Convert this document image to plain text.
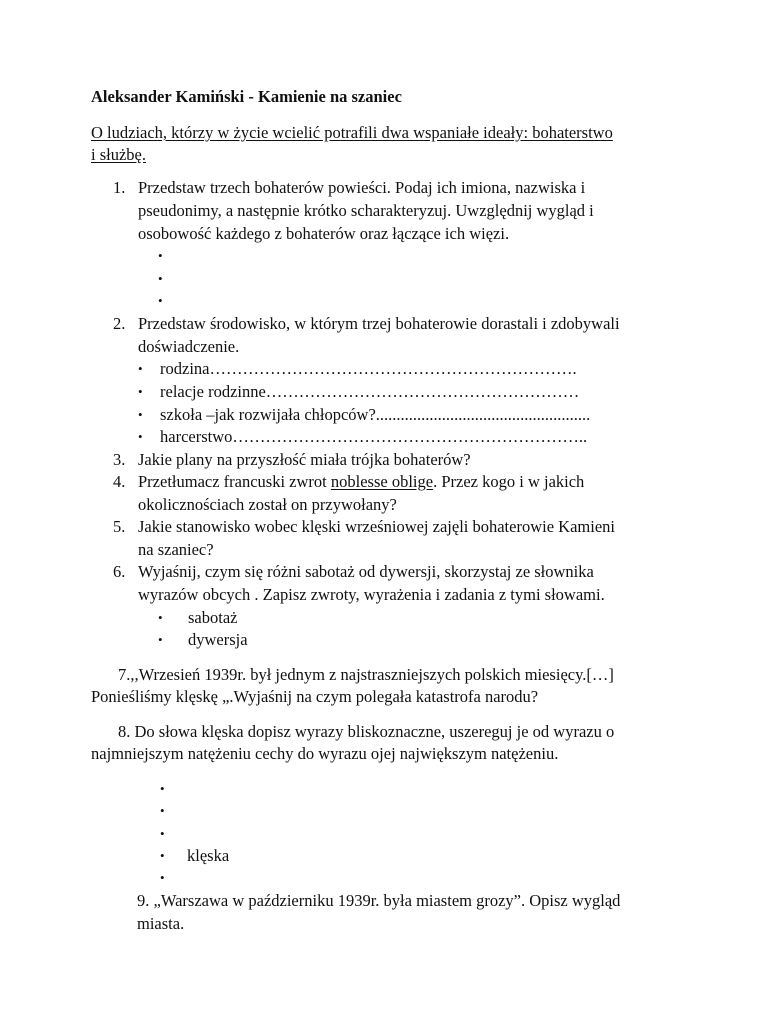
Aleksander Kamiński - Kamienie na szaniec
O ludziach, którzy w życie wcielić potrafili dwa wspaniałe ideały: bohaterstwo
i służbę.
1. Przedstaw trzech bohaterów powieści. Podaj ich imiona, nazwiska i
pseudonimy, a następnie krótko scharakteryzuj. Uwzględnij wygląd i
osobowość każdego z bohaterów oraz łączące ich więzi.
•
•
•
2. Przedstaw środowisko, w którym trzej bohaterowie dorastali i zdobywali
doświadczenie.
• rodzina………………………………………………………….
• relacje rodzinne…………………………………………………
• szkoła –jak rozwijała chłopców?....................................................
• harcerstwo………………………………………………………..
3. Jakie plany na przyszłość miała trójka bohaterów?
4. Przetłumacz francuski zwrot noblesse oblige. Przez kogo i w jakich
okolicznościach został on przywołany?
5. Jakie stanowisko wobec klęski wrześniowej zajęli bohaterowie Kamieni
na szaniec?
6. Wyjaśnij, czym się różni sabotaż od dywersji, skorzystaj ze słownika
wyrazów obcych . Zapisz zwroty, wyrażenia i zadania z tymi słowami.
• sabotaż
• dywersja
7.,,Wrzesień 1939r. był jednym z najstraszniejszych polskich miesięcy.[…]
Ponieśliśmy klęskę „.Wyjaśnij na czym polegała katastrofa narodu?
8. Do słowa klęska dopisz wyrazy bliskoznaczne, uszereguj je od wyrazu o
najmniejszym natężeniu cechy do wyrazu ojej największym natężeniu.
•
•
•
• klęska
•
9. „Warszawa w październiku 1939r. była miastem grozy”. Opisz wygląd
miasta.
